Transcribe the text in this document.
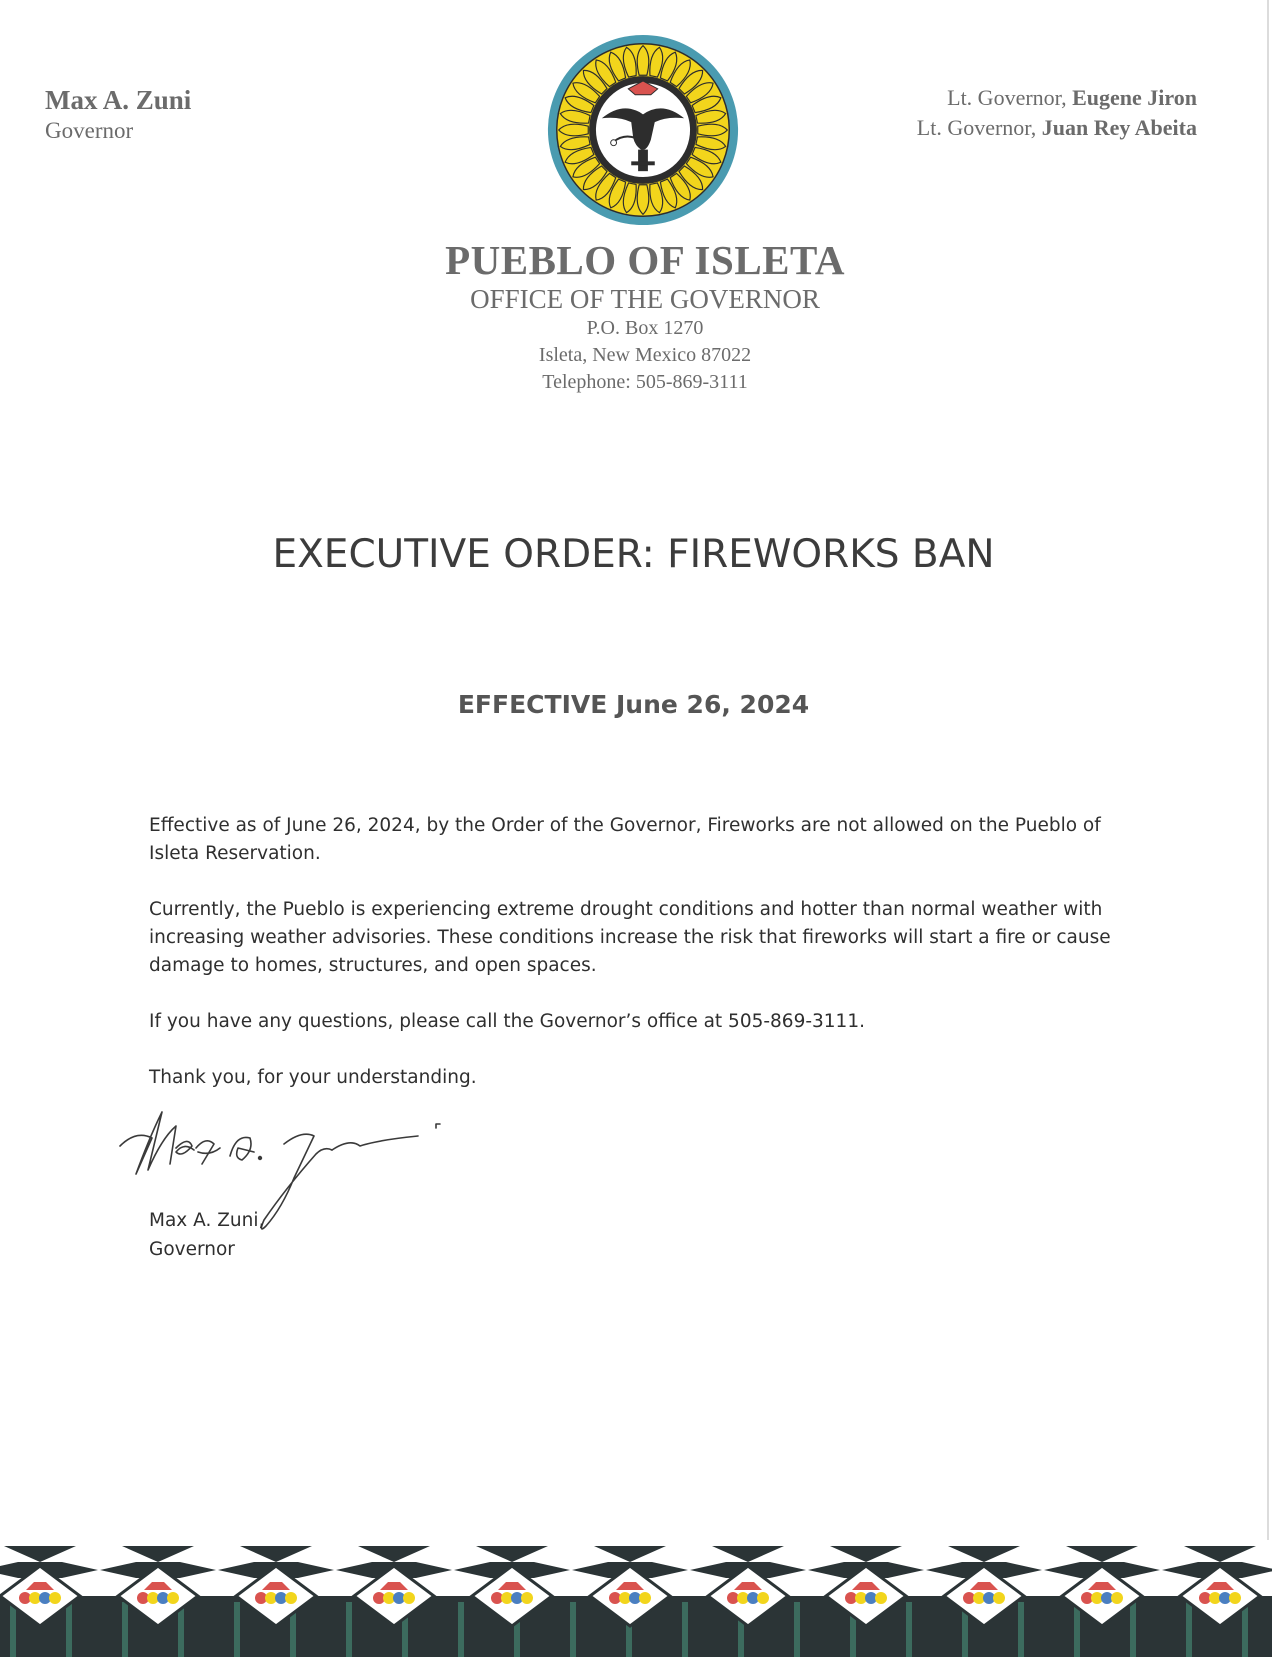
Max A. Zuni
Governor
Lt. Governor, Eugene Jiron
Lt. Governor, Juan Rey Abeita
PUEBLO OF ISLETA
OFFICE OF THE GOVERNOR
P.O. Box 1270
Isleta, New Mexico 87022
Telephone: 505-869-3111
EXECUTIVE ORDER: FIREWORKS BAN
EFFECTIVE June 26, 2024

Effective as of June 26, 2024, by the Order of the Governor, Fireworks are not allowed on the Pueblo of Isleta Reservation.

Currently, the Pueblo is experiencing extreme drought conditions and hotter than normal weather with increasing weather advisories. These conditions increase the risk that fireworks will start a fire or cause damage to homes, structures, and open spaces.

If you have any questions, please call the Governor’s office at 505-869-3111.

Thank you, for your understanding.

Max A. Zuni,
Governor
